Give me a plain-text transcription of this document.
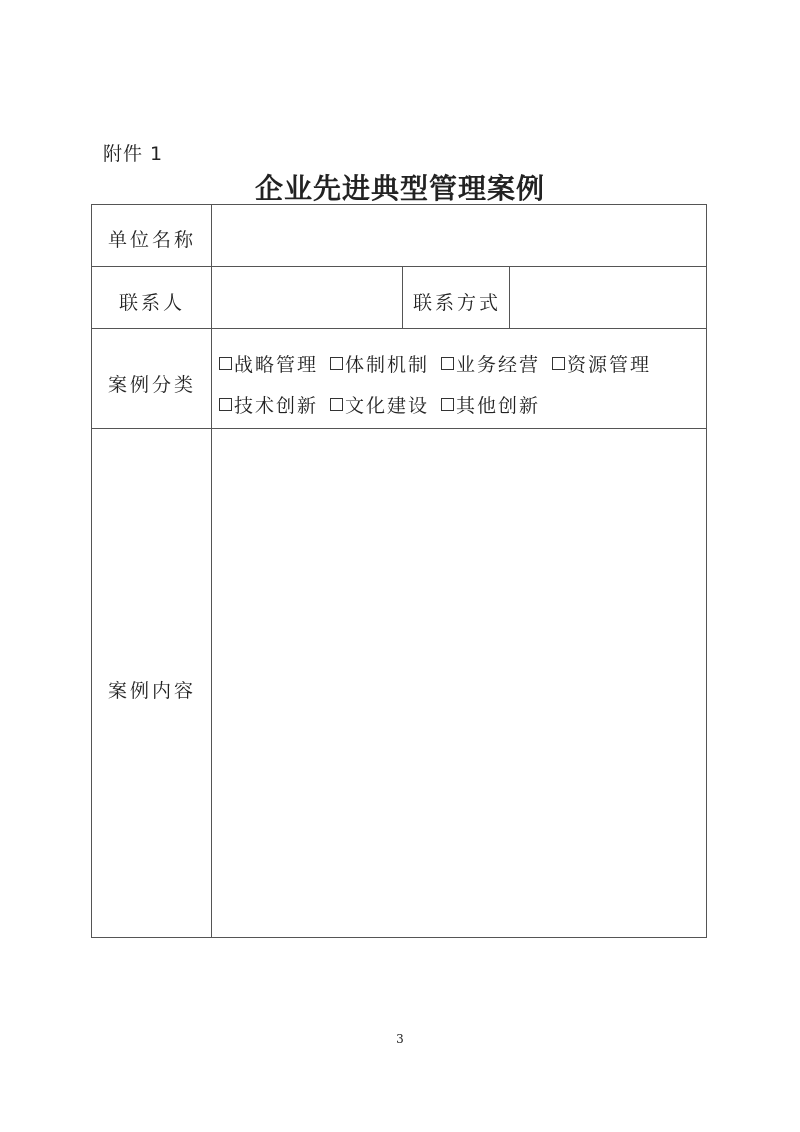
附件 1
企业先进典型管理案例
单位名称
联系人	联系方式
案例分类
战略管理 体制机制 业务经营 资源管理
技术创新 文化建设 其他创新
案例内容
3
